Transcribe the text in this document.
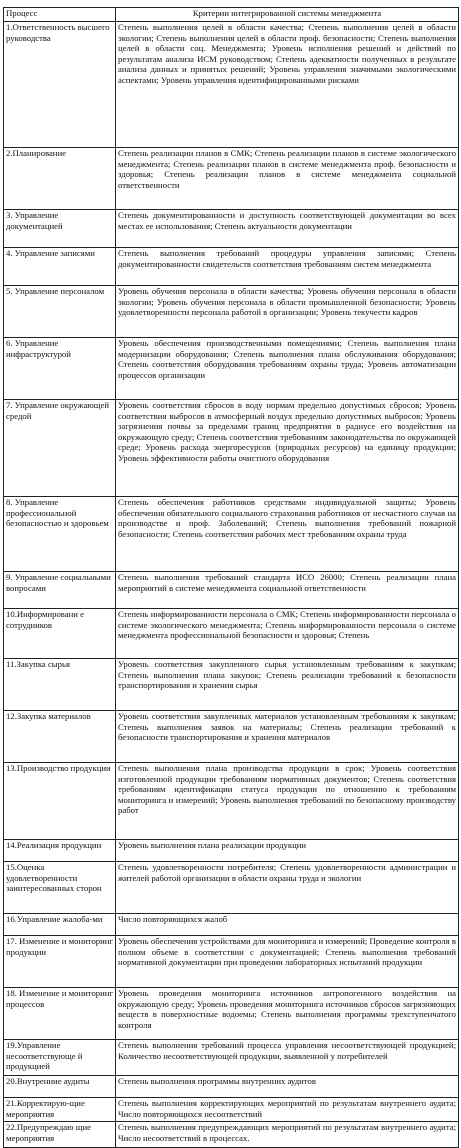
Процесс	Критерии интегрированной системы менеджмента
1.Ответственность высшего руководства	Степень выполнения целей в области качества; Степень выполнения целей в области экологии; Степень выполнения целей в области проф. безопасности; Степень выполнения целей в области соц. Менеджмента; Уровень исполнения решений и действий по результатам анализа ИСМ руководством; Степень адекватности полученных в результате анализа данных и принятых решений; Уровень управления значимыми экологическими аспектами; Уровень управления идентифицированными рисками
2.Планирование	Степень реализации планов в СМК; Степень реализации планов в системе экологического менеджмента; Степень реализации планов в системе менеджмента проф. безопасности и здоровья; Степень реализации планов в системе менеджмента социальной ответственности
3. Управление документацией	Степень документированности и доступность соответствующей документации во всех местах ее использования; Степень актуальности документации
4. Управление записями	Степень выполнения требований процедуры управления записями; Степень документированности свидетельств соответствия требованиям систем менеджмента
5. Управление персоналом	Уровень обучения персонала в области качества; Уровень обучения персонала в области экологии; Уровень обучения персонала в области промышленной безопасности; Уровень удовлетворенности персонала работой в организации; Уровень текучести кадров
6. Управление инфраструктурой	Уровень обеспечения производственными помещениями; Степень выполнения плана модернизации оборудования; Степень выполнения плана обслуживания оборудования; Степень соответствия оборудования требованиям охраны труда; Уровень автоматизации процессов организации
7. Управление окружающей средой	Уровень соответствия сбросов в воду нормам предельно допустимых сбросов; Уровень соответствия выбросов в атмосферный воздух предельно допустимых выбросов; Уровень загрязнения почвы за пределами границ предприятия в радиусе его воздействия на окружающую среду; Степень соответствия требованиям законодательства по окружающей среде; Уровень расхода энергоресурсов (природных ресурсов) на единицу продукции; Уровень эффективности работы очистного оборудования
8. Управление профессиональной безопасностью и здоровьем	Степень обеспечения работников средствами индивидуальной защиты; Уровень обеспечения обязательного социального страхования работников от несчастного случая на производстве и проф. Заболеваний; Степень выполнения требований пожарной безопасности; Степень соответствия рабочих мест требованиям охраны труда
9. Управление социальными вопросами	Степень выполнения требований стандарта ИСО 26000; Степень реализации плана мероприятий в системе менеджмента социальной ответственности
10.Информировани е сотрудников	Степень информированности персонала о СМК; Степень информированности персонала о системе экологического менеджмента; Степень информированности персонала о системе менеджмента профессиональной безопасности и здоровья; Степень
11.Закупка сырья	Уровень соответствия закупленного сырья установленным требованиям к закупкам; Степень выполнения плана закупок; Степень реализации требований к безопасности транспортирования и хранения сырья
12.Закупка материалов	Уровень соответствия закупленных материалов установленным требованиям к закупкам; Степень выполнения заявок на материалы; Степень реализации требований к безопасности транспортирования и хранения материалов
13.Производство продукции	Степень выполнения плана производства продукции в срок; Уровень соответствия изготовленной продукции требованиям нормативных документов; Степень соответствия требованиям идентификации статуса продукции по отношению к требованиям мониторинга и измерений; Уровень выполнения требований по безопасному производству работ
14.Реализация продукции	Уровень выполнения плана реализации продукции
15.Оценка удовлетворенности заинтересованных сторон	Степень удовлетворенности потребителя; Степень удовлетворенности администрации и жителей работой организации в области охраны труда и экологии
16.Управление жалоба-ми	Число повторяющихся жалоб
17. Изменение и мониторинг продукции	Уровень обеспечения устройствами для мониторинга и измерений; Проведение контроля в полном объеме в соответствии с документацией; Степень выполнения требований нормативной документации при проведении лабораторных испытаний продукции
18. Изменение и мониторинг процессов	Уровень проведения мониторинга источников антропогенного воздействия на окружающую среду; Уровень проведения мониторинга источников сбросов загрязняющих веществ в поверхностные водоемы; Степень выполнения программы трехступенчатого контроля
19.Управление несоответствующе й продукцией	Степень выполнения требований процесса управления несоответствующей продукцией; Количество несоответствующей продукции, выявленной у потребителей
20.Внутренние аудиты	Степень выполнения программы внутренних аудитов
21.Корректирую-щие мероприятия	Степень выполнения корректирующих мероприятий по результатам внутреннего аудита; Число повторяющихся несоответствий
22.Предупреждаю щие мероприятия	Степень выполнения предупреждающих мероприятий по результатам внутреннего аудита; Число несоответствий в процессах.
